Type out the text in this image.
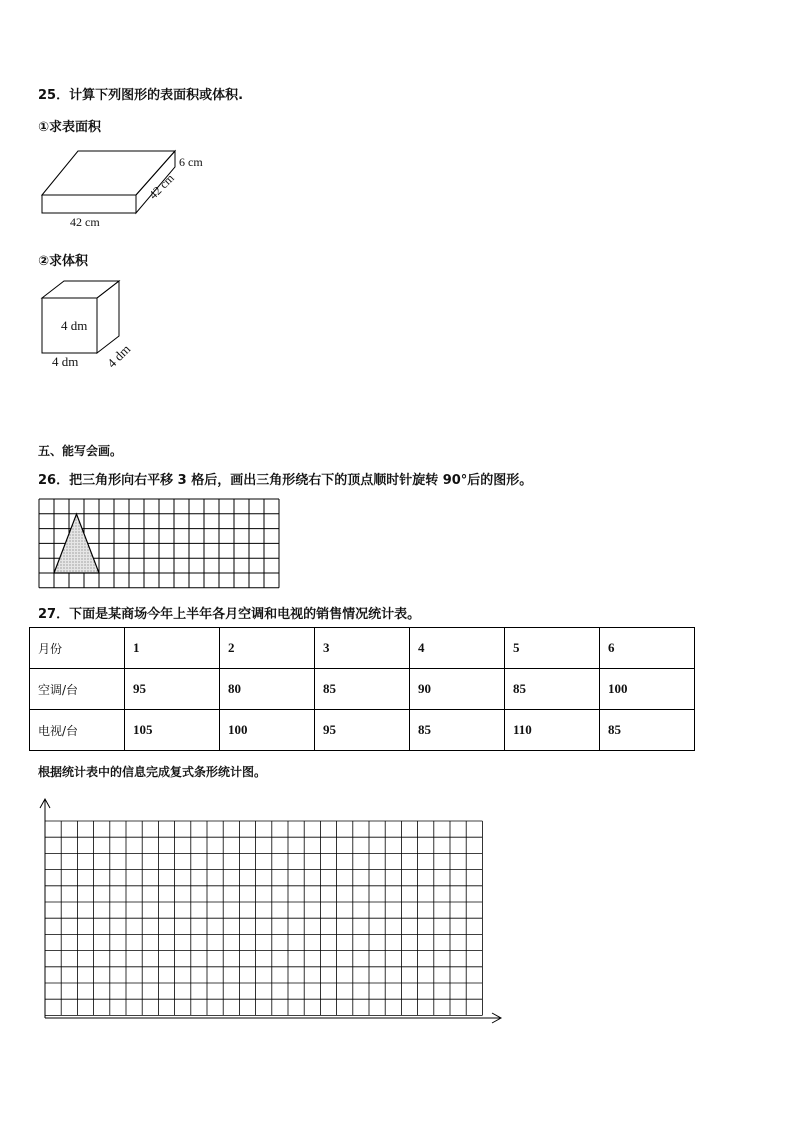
25．计算下列图形的表面积或体积.
①求表面积
6 cm
42 cm
42 cm
②求体积
4 dm
4 dm 4 dm
五、能写会画。
26．把三角形向右平移 3 格后，画出三角形绕右下的顶点顺时针旋转 90°后的图形。
27．下面是某商场今年上半年各月空调和电视的销售情况统计表。
月份	1	2	3	4	5	6
空调/台	95	80	85	90	85	100
电视/台	105	100	95	85	110	85
根据统计表中的信息完成复式条形统计图。
